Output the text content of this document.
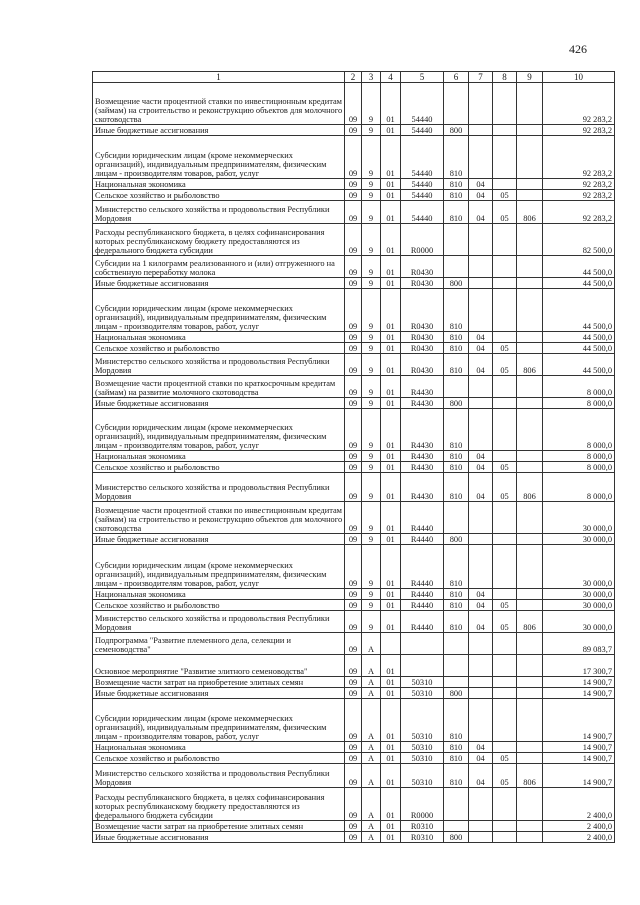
426
1	2	3	4	5	6	7	8	9	10
Возмещение части процентной ставки по инвестиционным кредитам (займам) на строительство и реконструкцию объектов для молочного скотоводства	09	9	01	54440					92 283,2
Иные бюджетные ассигнования	09	9	01	54440	800				92 283,2
Субсидии юридическим лицам (кроме некоммерческих организаций), индивидуальным предпринимателям, физическим лицам - производителям товаров, работ, услуг	09	9	01	54440	810				92 283,2
Национальная экономика	09	9	01	54440	810	04			92 283,2
Сельское хозяйство и рыболовство	09	9	01	54440	810	04	05		92 283,2
Министерство сельского хозяйства и продовольствия Республики Мордовия	09	9	01	54440	810	04	05	806	92 283,2
Расходы республиканского бюджета, в целях софинансирования которых республиканскому бюджету предоставляются из федерального бюджета субсидии	09	9	01	R0000					82 500,0
Субсидии на 1 килограмм реализованного и (или) отгруженного на собственную переработку молока	09	9	01	R0430					44 500,0
Иные бюджетные ассигнования	09	9	01	R0430	800				44 500,0
Субсидии юридическим лицам (кроме некоммерческих организаций), индивидуальным предпринимателям, физическим лицам - производителям товаров, работ, услуг	09	9	01	R0430	810				44 500,0
Национальная экономика	09	9	01	R0430	810	04			44 500,0
Сельское хозяйство и рыболовство	09	9	01	R0430	810	04	05		44 500,0
Министерство сельского хозяйства и продовольствия Республики Мордовия	09	9	01	R0430	810	04	05	806	44 500,0
Возмещение части процентной ставки по краткосрочным кредитам (займам) на развитие молочного скотоводства	09	9	01	R4430					8 000,0
Иные бюджетные ассигнования	09	9	01	R4430	800				8 000,0
Субсидии юридическим лицам (кроме некоммерческих организаций), индивидуальным предпринимателям, физическим лицам - производителям товаров, работ, услуг	09	9	01	R4430	810				8 000,0
Национальная экономика	09	9	01	R4430	810	04			8 000,0
Сельское хозяйство и рыболовство	09	9	01	R4430	810	04	05		8 000,0
Министерство сельского хозяйства и продовольствия Республики Мордовия	09	9	01	R4430	810	04	05	806	8 000,0
Возмещение части процентной ставки по инвестиционным кредитам (займам) на строительство и реконструкцию объектов для молочного скотоводства	09	9	01	R4440					30 000,0
Иные бюджетные ассигнования	09	9	01	R4440	800				30 000,0
Субсидии юридическим лицам (кроме некоммерческих организаций), индивидуальным предпринимателям, физическим лицам - производителям товаров, работ, услуг	09	9	01	R4440	810				30 000,0
Национальная экономика	09	9	01	R4440	810	04			30 000,0
Сельское хозяйство и рыболовство	09	9	01	R4440	810	04	05		30 000,0
Министерство сельского хозяйства и продовольствия Республики Мордовия	09	9	01	R4440	810	04	05	806	30 000,0
Подпрограмма "Развитие племенного дела, селекции и семеноводства"	09	А							89 083,7
Основное мероприятие "Развитие элитного семеноводства"	09	А	01						17 300,7
Возмещение части затрат на приобретение элитных семян	09	А	01	50310					14 900,7
Иные бюджетные ассигнования	09	А	01	50310	800				14 900,7
Субсидии юридическим лицам (кроме некоммерческих организаций), индивидуальным предпринимателям, физическим лицам - производителям товаров, работ, услуг	09	А	01	50310	810				14 900,7
Национальная экономика	09	А	01	50310	810	04			14 900,7
Сельское хозяйство и рыболовство	09	А	01	50310	810	04	05		14 900,7
Министерство сельского хозяйства и продовольствия Республики Мордовия	09	А	01	50310	810	04	05	806	14 900,7
Расходы республиканского бюджета, в целях софинансирования которых республиканскому бюджету предоставляются из федерального бюджета субсидии	09	А	01	R0000					2 400,0
Возмещение части затрат на приобретение элитных семян	09	А	01	R0310					2 400,0
Иные бюджетные ассигнования	09	А	01	R0310	800				2 400,0
